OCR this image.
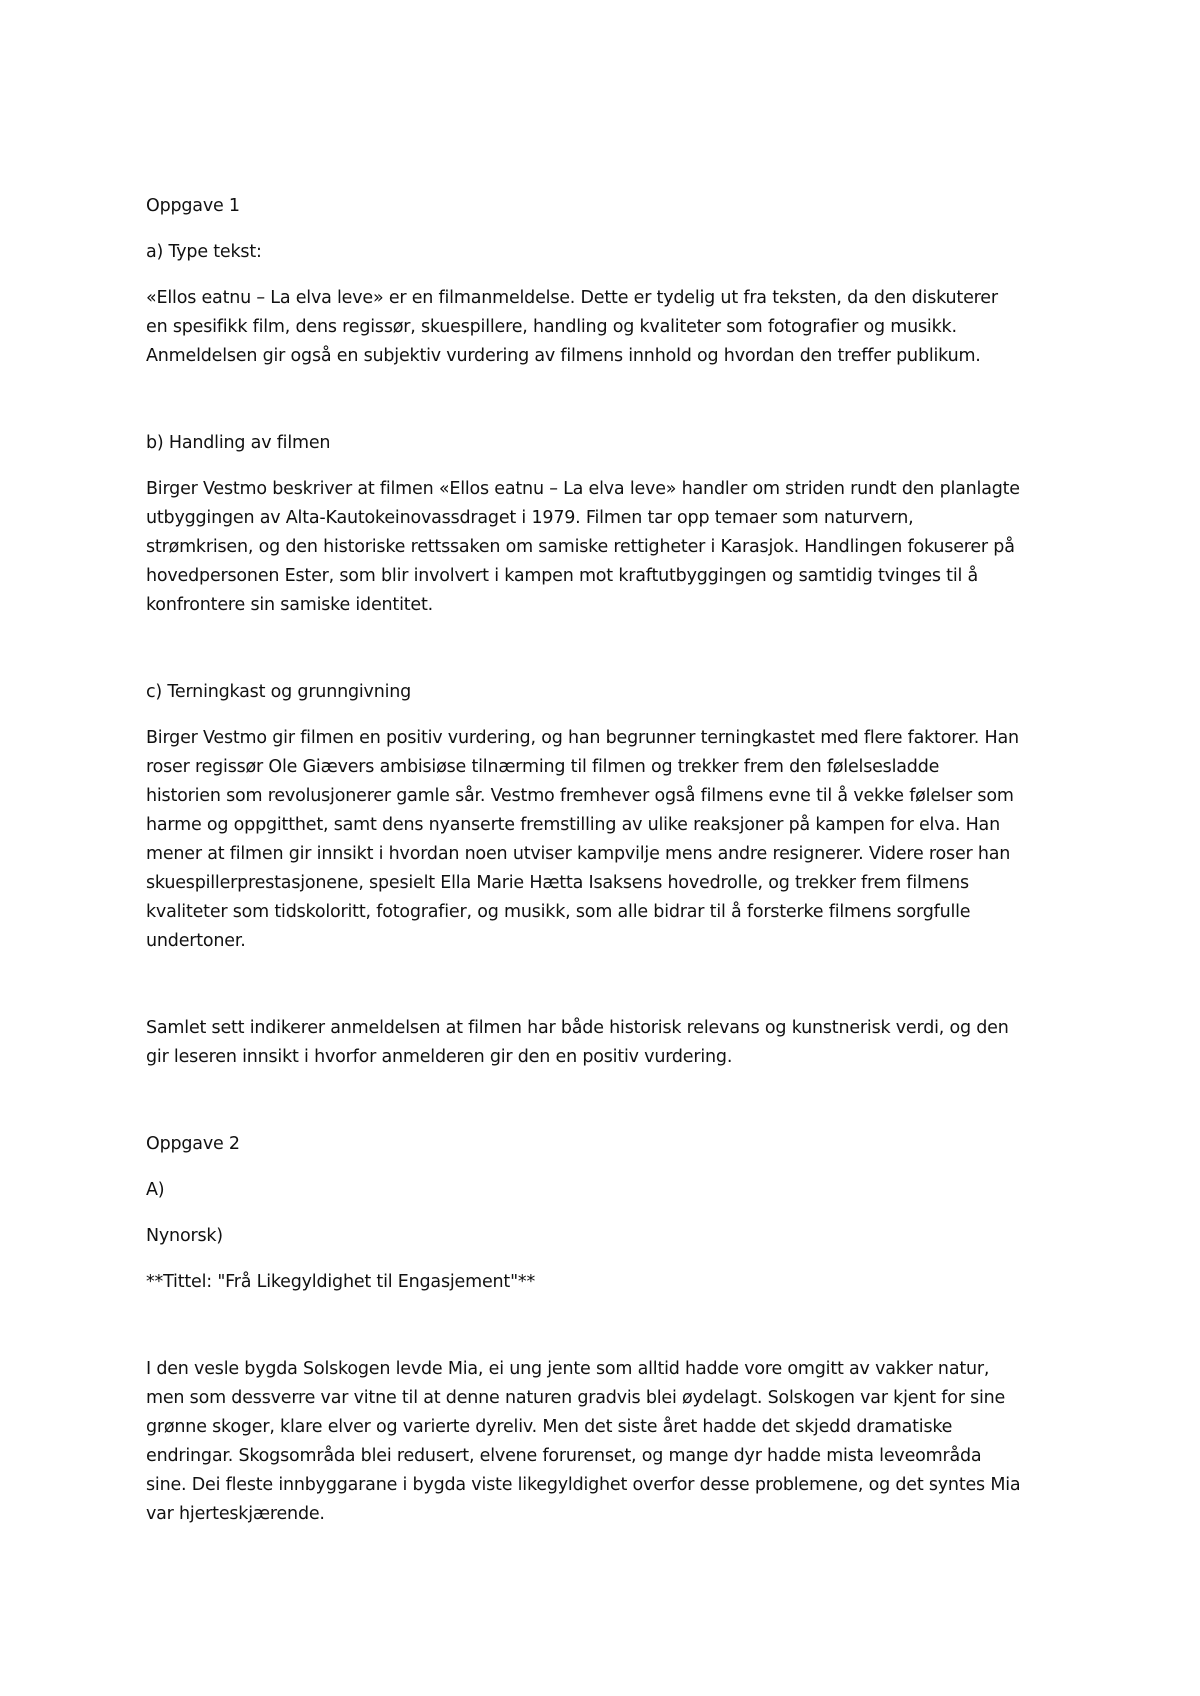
Oppgave 1

a) Type tekst:

«Ellos eatnu – La elva leve» er en filmanmeldelse. Dette er tydelig ut fra teksten, da den diskuterer

en spesifikk film, dens regissør, skuespillere, handling og kvaliteter som fotografier og musikk.

Anmeldelsen gir også en subjektiv vurdering av filmens innhold og hvordan den treffer publikum.

b) Handling av filmen

Birger Vestmo beskriver at filmen «Ellos eatnu – La elva leve» handler om striden rundt den planlagte

utbyggingen av Alta-Kautokeinovassdraget i 1979. Filmen tar opp temaer som naturvern,

strømkrisen, og den historiske rettssaken om samiske rettigheter i Karasjok. Handlingen fokuserer på

hovedpersonen Ester, som blir involvert i kampen mot kraftutbyggingen og samtidig tvinges til å

konfrontere sin samiske identitet.

c) Terningkast og grunngivning

Birger Vestmo gir filmen en positiv vurdering, og han begrunner terningkastet med flere faktorer. Han

roser regissør Ole Giævers ambisiøse tilnærming til filmen og trekker frem den følelsesladde

historien som revolusjonerer gamle sår. Vestmo fremhever også filmens evne til å vekke følelser som

harme og oppgitthet, samt dens nyanserte fremstilling av ulike reaksjoner på kampen for elva. Han

mener at filmen gir innsikt i hvordan noen utviser kampvilje mens andre resignerer. Videre roser han

skuespillerprestasjonene, spesielt Ella Marie Hætta Isaksens hovedrolle, og trekker frem filmens

kvaliteter som tidskoloritt, fotografier, og musikk, som alle bidrar til å forsterke filmens sorgfulle

undertoner.

Samlet sett indikerer anmeldelsen at filmen har både historisk relevans og kunstnerisk verdi, og den

gir leseren innsikt i hvorfor anmelderen gir den en positiv vurdering.

Oppgave 2

A)

Nynorsk)

**Tittel: "Frå Likegyldighet til Engasjement"**

I den vesle bygda Solskogen levde Mia, ei ung jente som alltid hadde vore omgitt av vakker natur,

men som dessverre var vitne til at denne naturen gradvis blei øydelagt. Solskogen var kjent for sine

grønne skoger, klare elver og varierte dyreliv. Men det siste året hadde det skjedd dramatiske

endringar. Skogsområda blei redusert, elvene forurenset, og mange dyr hadde mista leveområda

sine. Dei fleste innbyggarane i bygda viste likegyldighet overfor desse problemene, og det syntes Mia

var hjerteskjærende.
